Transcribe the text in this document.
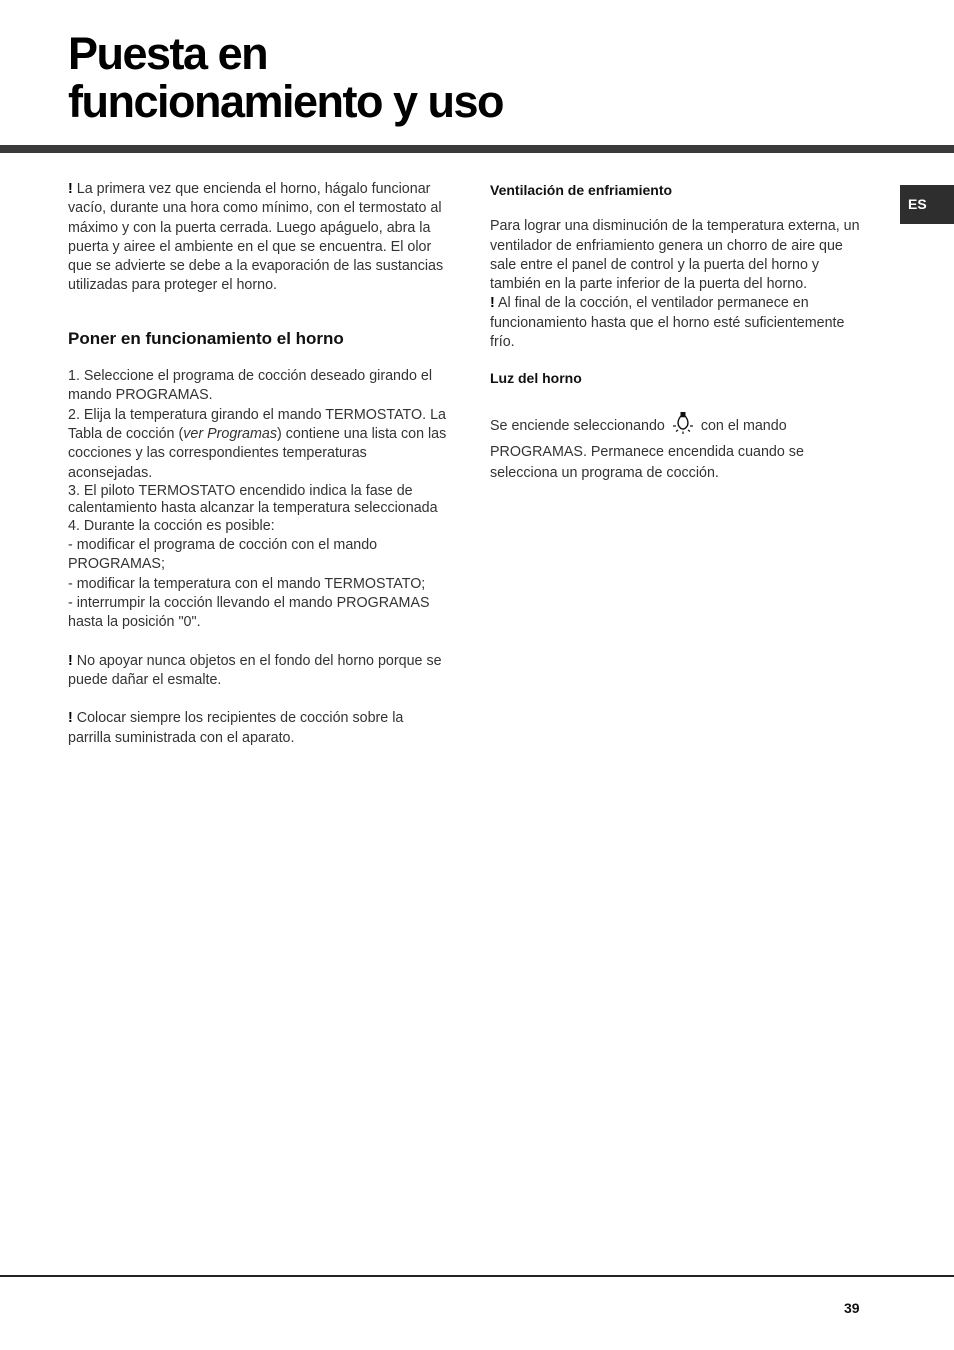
Puesta en
funcionamiento y uso
ES

! La primera vez que encienda el horno, hágalo funcionar vacío, durante una hora como mínimo, con el termostato al máximo y con la puerta cerrada. Luego apáguelo, abra la puerta y airee el ambiente en el que se encuentra. El olor que se advierte se debe a la evaporación de las sustancias utilizadas para proteger el horno.

Poner en funcionamiento el horno

1. Seleccione el programa de cocción deseado girando el mando PROGRAMAS.

2. Elija la temperatura girando el mando TERMOSTATO. La Tabla de cocción (ver Programas) contiene una lista con las cocciones y las correspondientes temperaturas aconsejadas.

3. El piloto TERMOSTATO encendido indica la fase de calentamiento hasta alcanzar la temperatura seleccionada

4. Durante la cocción es posible:

- modificar el programa de cocción con el mando PROGRAMAS;

- modificar la temperatura con el mando TERMOSTATO;

- interrumpir la cocción llevando el mando PROGRAMAS hasta la posición "0".

! No apoyar nunca objetos en el fondo del horno porque se puede dañar el esmalte.

! Colocar siempre los recipientes de cocción sobre la parrilla suministrada con el aparato.

Ventilación de enfriamiento

Para lograr una disminución de la temperatura externa, un ventilador de enfriamiento genera un chorro de aire que sale entre el panel de control y la puerta del horno y también en la parte inferior de la puerta del horno.

! Al final de la cocción, el ventilador permanece en funcionamiento hasta que el horno esté suficientemente frío.

Luz del horno

Se enciende seleccionando  con el mando PROGRAMAS. Permanece encendida cuando se selecciona un programa de cocción.

39
